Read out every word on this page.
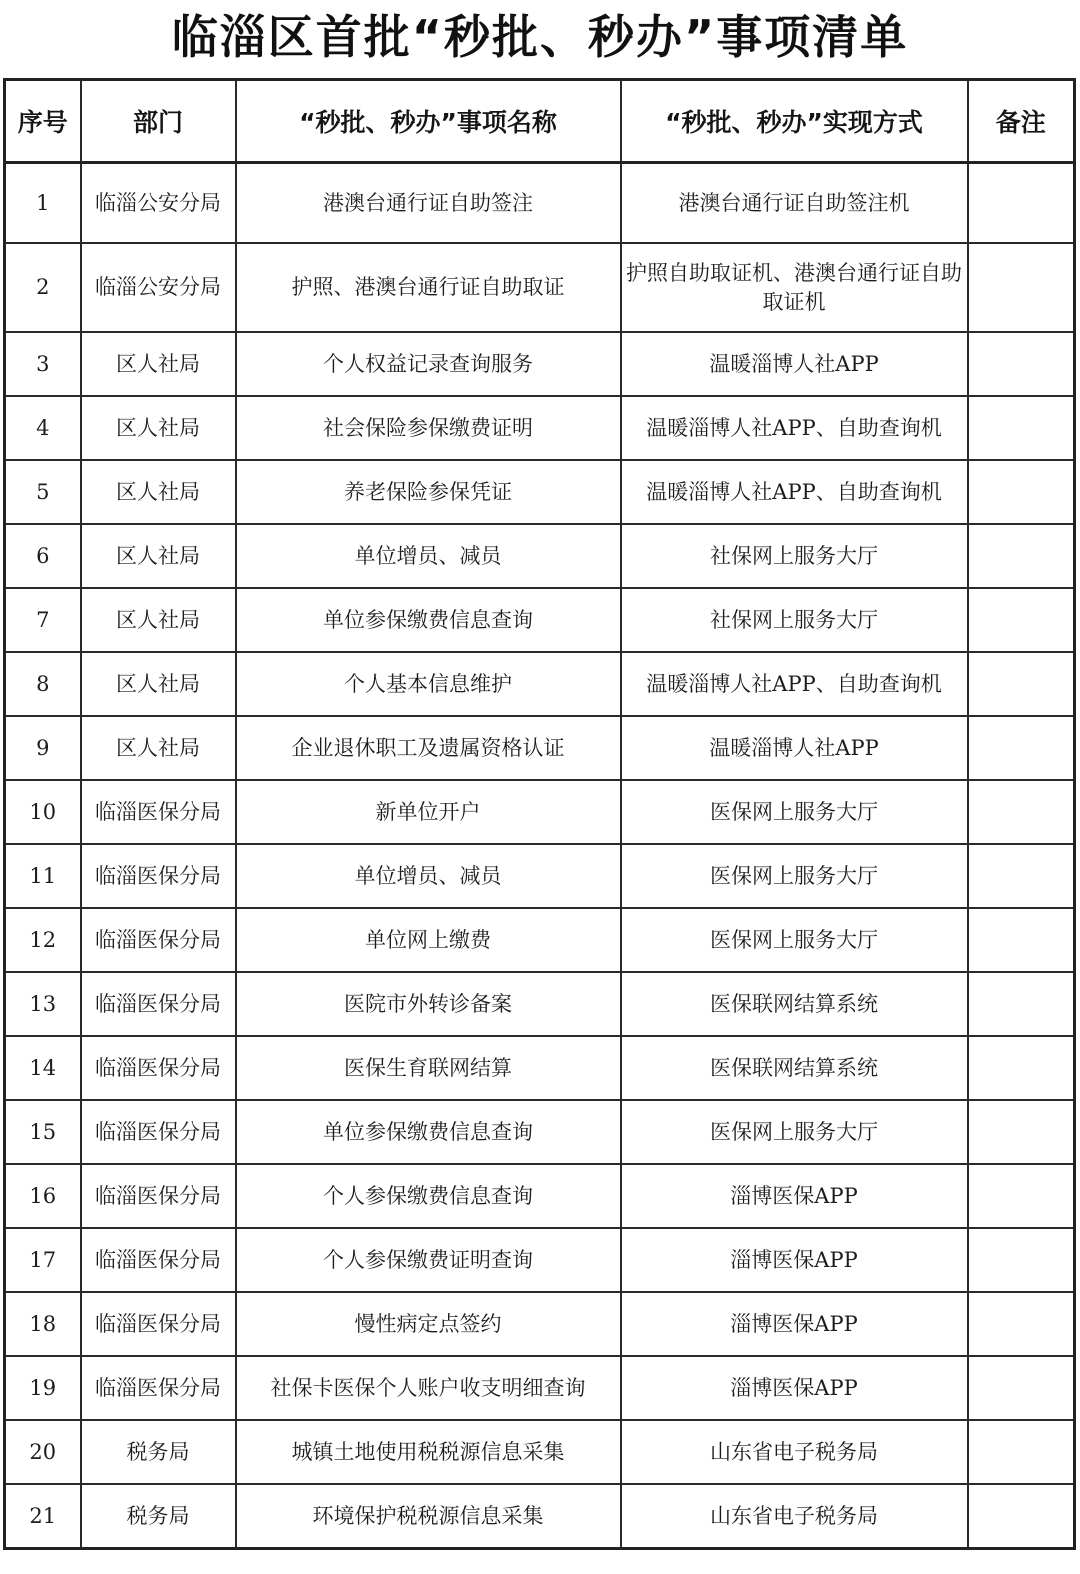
临淄区首批“秒批、秒办”事项清单
序号	部门	“秒批、秒办”事项名称	“秒批、秒办”实现方式	备注
1	临淄公安分局	港澳台通行证自助签注	港澳台通行证自助签注机	
2	临淄公安分局	护照、港澳台通行证自助取证	护照自助取证机、港澳台通行证自助取证机	
3	区人社局	个人权益记录查询服务	温暖淄博人社APP	
4	区人社局	社会保险参保缴费证明	温暖淄博人社APP、自助查询机	
5	区人社局	养老保险参保凭证	温暖淄博人社APP、自助查询机	
6	区人社局	单位增员、减员	社保网上服务大厅	
7	区人社局	单位参保缴费信息查询	社保网上服务大厅	
8	区人社局	个人基本信息维护	温暖淄博人社APP、自助查询机	
9	区人社局	企业退休职工及遗属资格认证	温暖淄博人社APP	
10	临淄医保分局	新单位开户	医保网上服务大厅	
11	临淄医保分局	单位增员、减员	医保网上服务大厅	
12	临淄医保分局	单位网上缴费	医保网上服务大厅	
13	临淄医保分局	医院市外转诊备案	医保联网结算系统	
14	临淄医保分局	医保生育联网结算	医保联网结算系统	
15	临淄医保分局	单位参保缴费信息查询	医保网上服务大厅	
16	临淄医保分局	个人参保缴费信息查询	淄博医保APP	
17	临淄医保分局	个人参保缴费证明查询	淄博医保APP	
18	临淄医保分局	慢性病定点签约	淄博医保APP	
19	临淄医保分局	社保卡医保个人账户收支明细查询	淄博医保APP	
20	税务局	城镇土地使用税税源信息采集	山东省电子税务局	
21	税务局	环境保护税税源信息采集	山东省电子税务局	
